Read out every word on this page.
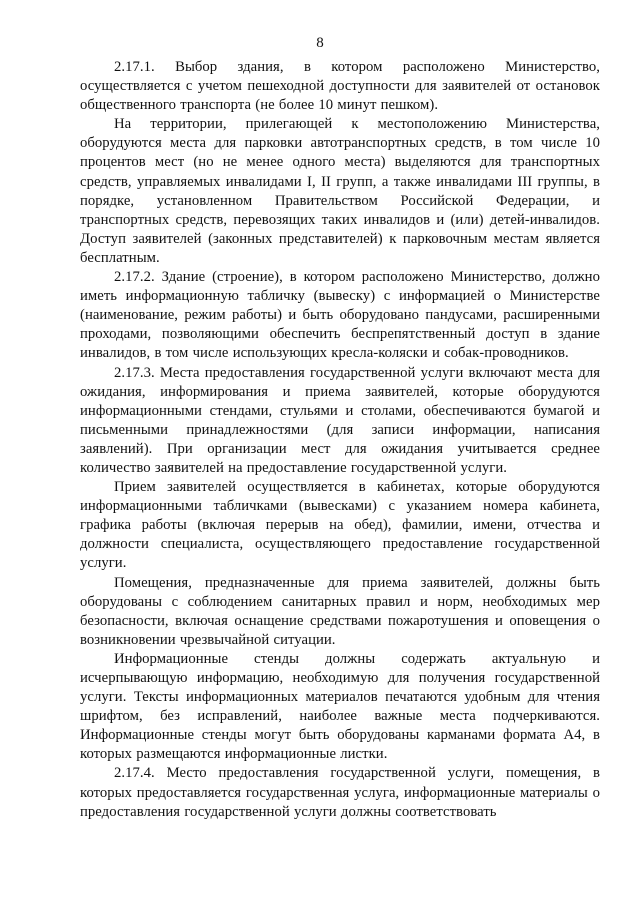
8

2.17.1. Выбор здания, в котором расположено Министерство, осуществляется с учетом пешеходной доступности для заявителей от остановок общественного транспорта (не более 10 минут пешком).

На территории, прилегающей к местоположению Министерства, оборудуются места для парковки автотранспортных средств, в том числе 10 процентов мест (но не менее одного места) выделяются для транспортных средств, управляемых инвалидами I, II групп, а также инвалидами III группы, в порядке, установленном Правительством Российской Федерации, и транспортных средств, перевозящих таких инвалидов и (или) детей-инвалидов. Доступ заявителей (законных представителей) к парковочным местам является бесплатным.

2.17.2. Здание (строение), в котором расположено Министерство, должно иметь информационную табличку (вывеску) с информацией о Министерстве (наименование, режим работы) и быть оборудовано пандусами, расширенными проходами, позволяющими обеспечить беспрепятственный доступ в здание инвалидов, в том числе использующих кресла-коляски и собак-проводников.

2.17.3. Места предоставления государственной услуги включают места для ожидания, информирования и приема заявителей, которые оборудуются информационными стендами, стульями и столами, обеспечиваются бумагой и письменными принадлежностями (для записи информации, написания заявлений). При организации мест для ожидания учитывается среднее количество заявителей на предоставление государственной услуги.

Прием заявителей осуществляется в кабинетах, которые оборудуются информационными табличками (вывесками) с указанием номера кабинета, графика работы (включая перерыв на обед), фамилии, имени, отчества и должности специалиста, осуществляющего предоставление государственной услуги.

Помещения, предназначенные для приема заявителей, должны быть оборудованы с соблюдением санитарных правил и норм, необходимых мер безопасности, включая оснащение средствами пожаротушения и оповещения о возникновении чрезвычайной ситуации.

Информационные стенды должны содержать актуальную и исчерпывающую информацию, необходимую для получения государственной услуги. Тексты информационных материалов печатаются удобным для чтения шрифтом, без исправлений, наиболее важные места подчеркиваются. Информационные стенды могут быть оборудованы карманами формата А4, в которых размещаются информационные листки.

2.17.4. Место предоставления государственной услуги, помещения, в которых предоставляется государственная услуга, информационные материалы о предоставления государственной услуги должны соответствовать
